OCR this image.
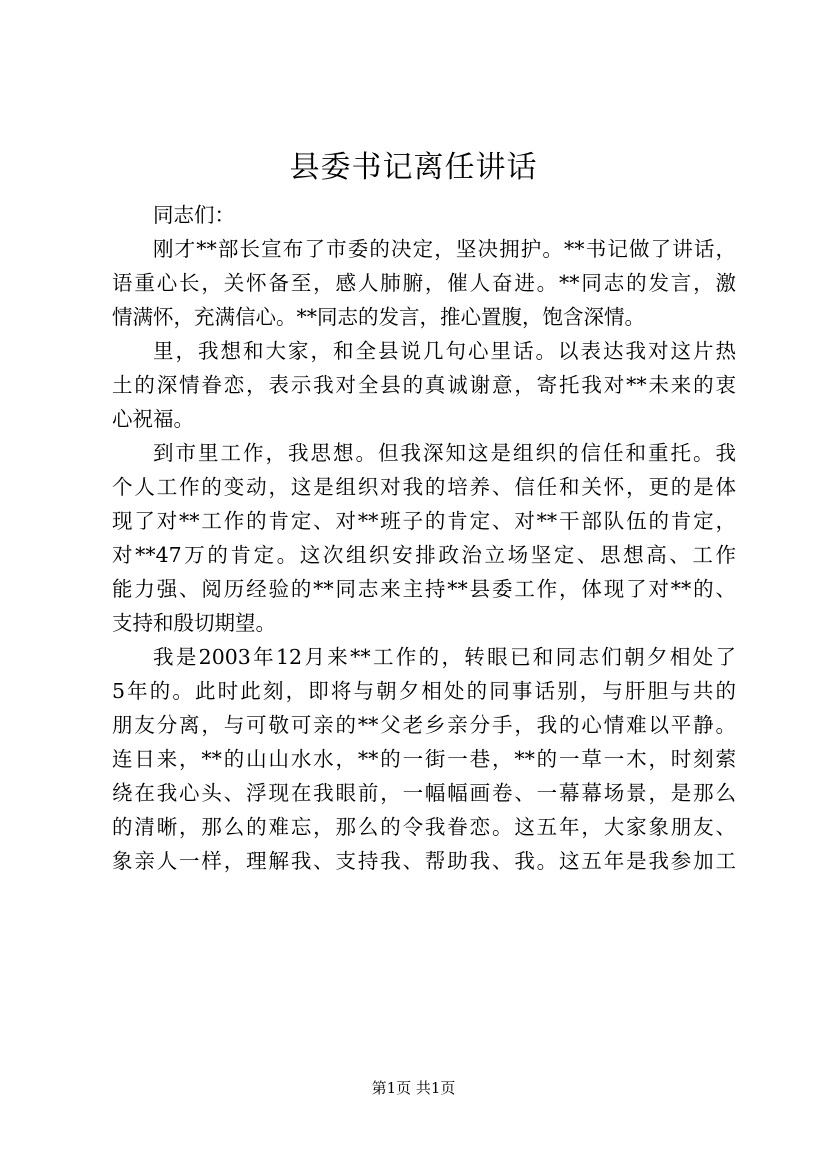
县委书记离任讲话
同志们：
刚才**部长宣布了市委的决定，坚决拥护。**书记做了讲话，
语重心长，关怀备至，感人肺腑，催人奋进。**同志的发言，激
情满怀，充满信心。**同志的发言，推心置腹，饱含深情。
里，我想和大家，和全县说几句心里话。以表达我对这片热
土的深情眷恋，表示我对全县的真诚谢意，寄托我对**未来的衷
心祝福。
到市里工作，我思想。但我深知这是组织的信任和重托。我
个人工作的变动，这是组织对我的培养、信任和关怀，更的是体
现了对**工作的肯定、对**班子的肯定、对**干部队伍的肯定，
对**47万的肯定。这次组织安排政治立场坚定、思想高、工作
能力强、阅历经验的**同志来主持**县委工作，体现了对**的、
支持和殷切期望。
我是2003年12月来**工作的，转眼已和同志们朝夕相处了
5年的。此时此刻，即将与朝夕相处的同事话别，与肝胆与共的
朋友分离，与可敬可亲的**父老乡亲分手，我的心情难以平静。
连日来，**的山山水水，**的一街一巷，**的一草一木，时刻萦
绕在我心头、浮现在我眼前，一幅幅画卷、一幕幕场景，是那么
的清晰，那么的难忘，那么的令我眷恋。这五年，大家象朋友、
象亲人一样，理解我、支持我、帮助我、我。这五年是我参加工
第1页 共1页
